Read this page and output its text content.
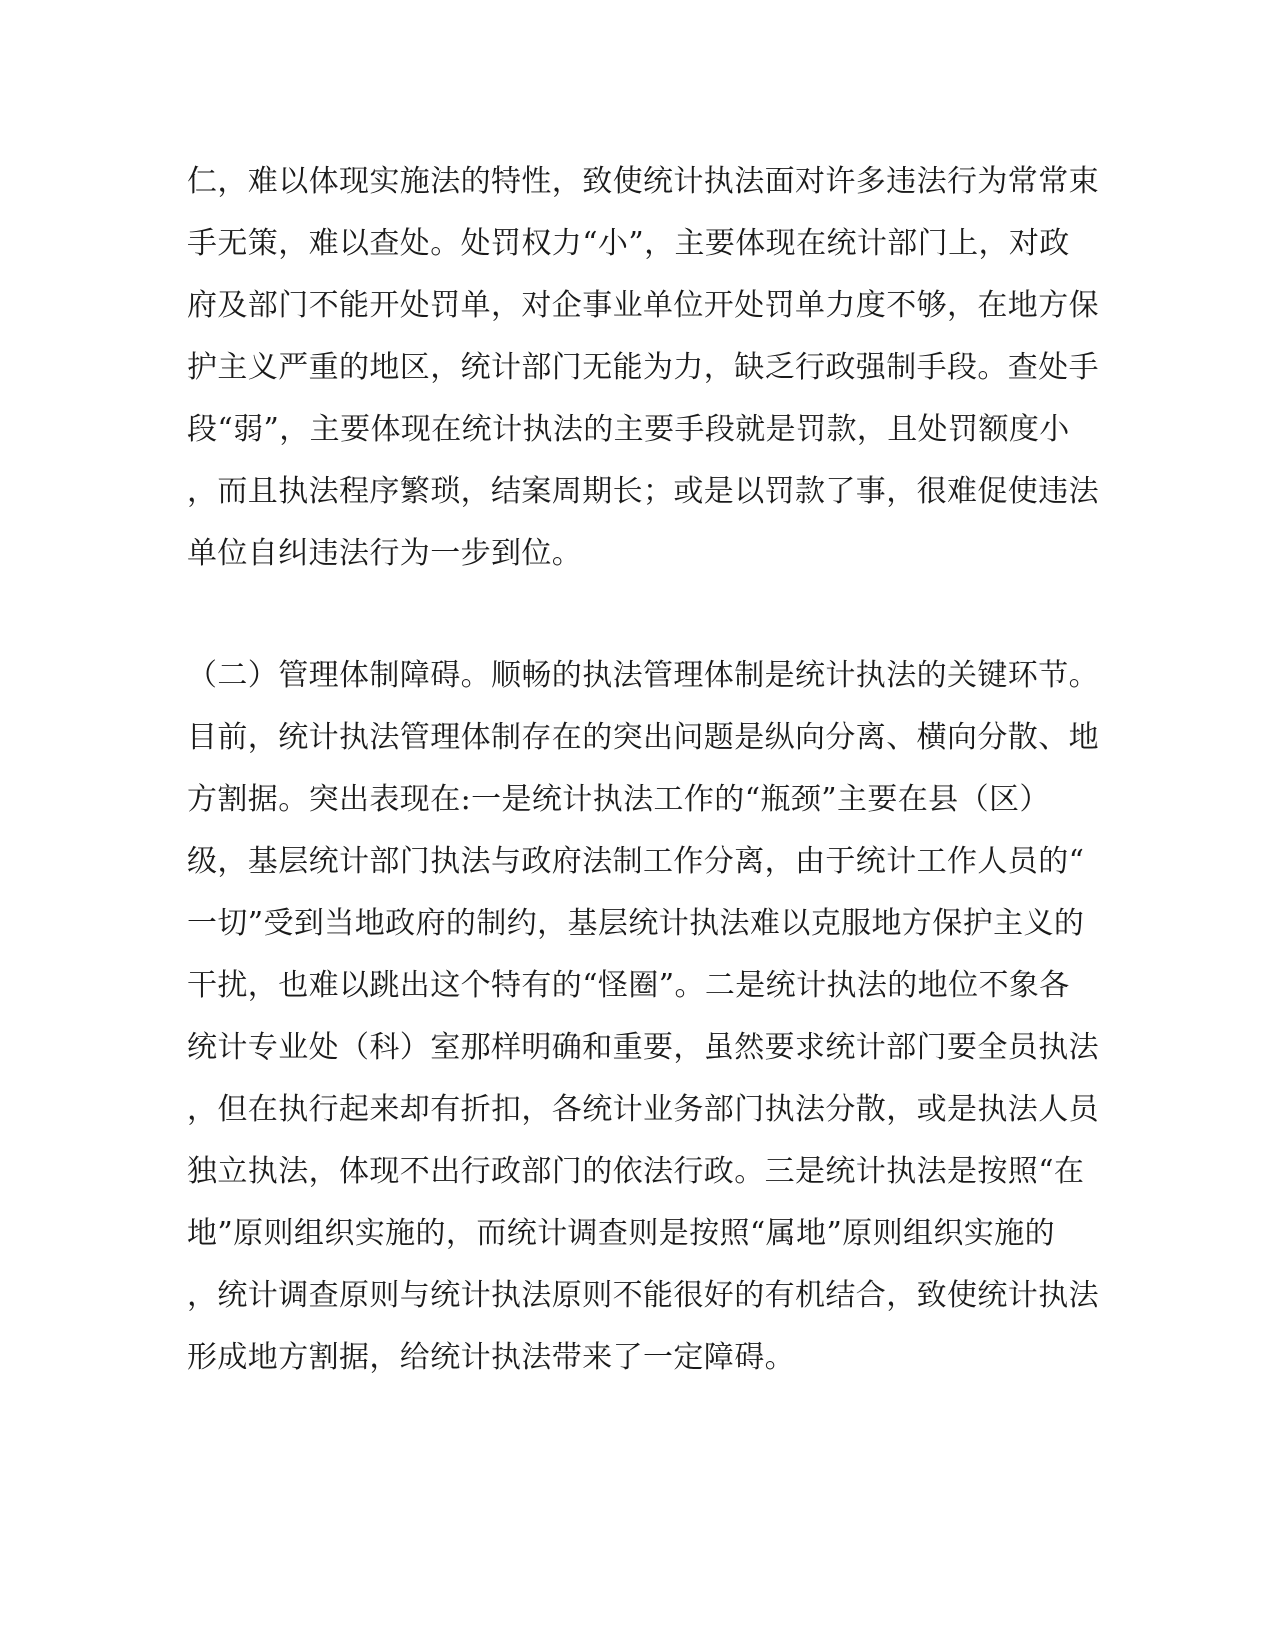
仁，难以体现实施法的特性，致使统计执法面对许多违法行为常常束

手无策，难以查处。处罚权力“小”，主要体现在统计部门上，对政

府及部门不能开处罚单，对企事业单位开处罚单力度不够，在地方保

护主义严重的地区，统计部门无能为力，缺乏行政强制手段。查处手

段“弱”，主要体现在统计执法的主要手段就是罚款，且处罚额度小

，而且执法程序繁琐，结案周期长；或是以罚款了事，很难促使违法

单位自纠违法行为一步到位。

（二）管理体制障碍。顺畅的执法管理体制是统计执法的关键环节。

目前，统计执法管理体制存在的突出问题是纵向分离、横向分散、地

方割据。突出表现在:一是统计执法工作的“瓶颈”主要在县（区）

级，基层统计部门执法与政府法制工作分离，由于统计工作人员的“

一切”受到当地政府的制约，基层统计执法难以克服地方保护主义的

干扰，也难以跳出这个特有的“怪圈”。二是统计执法的地位不象各

统计专业处（科）室那样明确和重要，虽然要求统计部门要全员执法

，但在执行起来却有折扣，各统计业务部门执法分散，或是执法人员

独立执法，体现不出行政部门的依法行政。三是统计执法是按照“在

地”原则组织实施的，而统计调查则是按照“属地”原则组织实施的

，统计调查原则与统计执法原则不能很好的有机结合，致使统计执法

形成地方割据，给统计执法带来了一定障碍。
